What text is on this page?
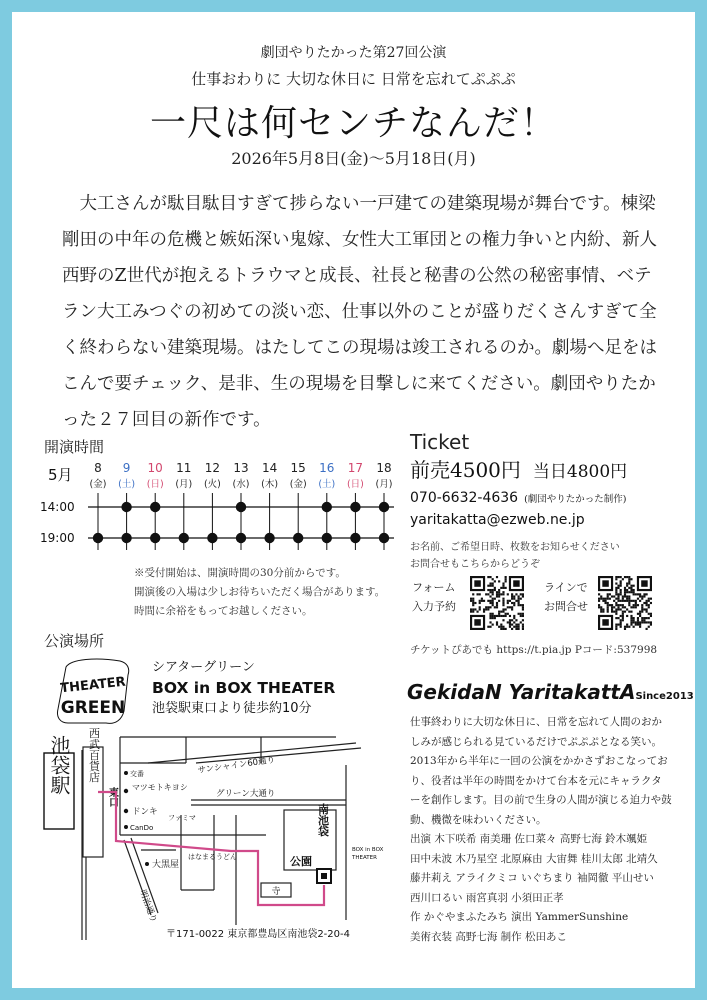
劇団やりたかった第27回公演
仕事おわりに 大切な休日に 日常を忘れてぷぷぷ
一尺は何センチなんだ！
2026年5月8日(金)～5月18日(月)

大工さんが駄目駄目すぎて捗らない一戸建ての建築現場が舞台です。棟梁剛田の中年の危機と嫉妬深い鬼嫁、女性大工軍団との権力争いと内紛、新人西野のZ世代が抱えるトラウマと成長、社長と秘書の公然の秘密事情、ベテラン大工みつぐの初めての淡い恋、仕事以外のことが盛りだくさんすぎて全く終わらない建築現場。はたしてこの現場は竣工されるのか。劇場へ足をはこんで要チェック、是非、生の現場を目撃しに来てください。劇団やりたかった２７回目の新作です。

開演時間
5月
14:00
19:00
8
(金)
9
(土)
10
(日)
11
(月)
12
(火)
13
(水)
14
(木)
15
(金)
16
(土)
17
(日)
18
(月)
※受付開始は、開演時間の30分前からです。
開演後の入場は少しお待ちいただく場合があります。
時間に余裕をもってお越しください。
Ticket
前売4500円 当日4800円
070-6632-4636 (劇団やりたかった制作)
yaritakatta@ezweb.ne.jp
お名前、ご希望日時、枚数をお知らせください
お問合せもこちらからどうぞ
フォーム
入力予約
ラインで
お問合せ
チケットぴあでも https://t.pia.jp Pコード:537998
公演場所
THEATER
GREEN
シアターグリーン
BOX in BOX THEATER
池袋駅東口より徒歩約10分
寺
池袋駅 西武百貨店
東口
交番
マツモトキヨシ
ドンキ
CanDo
ファミマ
大黒屋
はなまるうどん
明治通り
サンシャイン60通り
グリーン大通り
公園
南池袋
BOX in BOX
THEATER
〒171-0022 東京都豊島区南池袋2-20-4
GekidaN YaritakattASince2013
仕事終わりに大切な休日に、日常を忘れて人間のおかしみが感じられる見ているだけでぷぷぷとなる笑い。2013年から半年に一回の公演をかかさずおこなっており、役者は半年の時間をかけて台本を元にキャラクターを創作します。目の前で生身の人間が演じる迫力や鼓動、機微を味わいください。
出演 木下咲希 南美珊 佐口菜々 高野七海 鈴木颯姫
田中未波 木乃星空 北原麻由 大宙舞 桂川太郎 北靖久
藤井莉え アライクミコ いぐちまり 袖岡徹 平山せい
西川口るい 雨宮真羽 小須田正孝
作 かぐやまふたみち 演出 YammerSunshine
美術衣装 高野七海 制作 松田あこ
